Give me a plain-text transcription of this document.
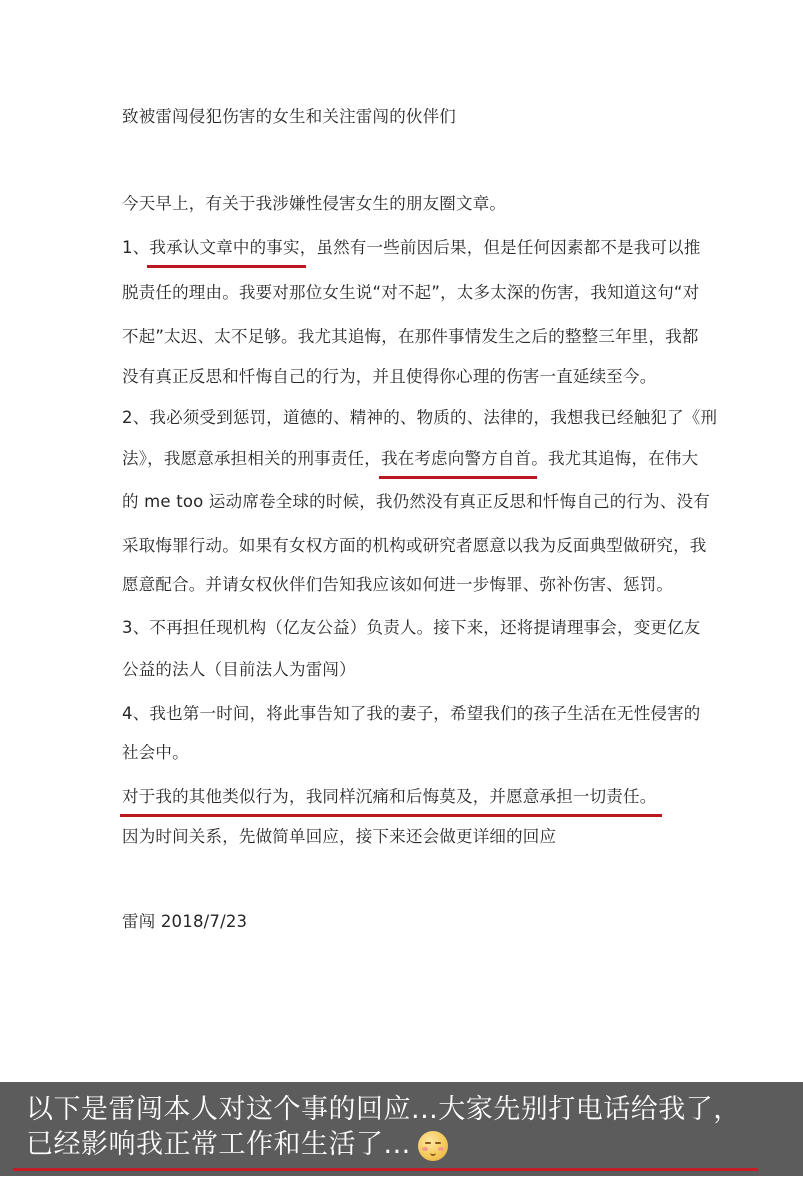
致被雷闯侵犯伤害的女生和关注雷闯的伙伴们
今天早上，有关于我涉嫌性侵害女生的朋友圈文章。
1、我承认文章中的事实，虽然有一些前因后果，但是任何因素都不是我可以推
脱责任的理由。我要对那位女生说“对不起”，太多太深的伤害，我知道这句“对
不起”太迟、太不足够。我尤其追悔，在那件事情发生之后的整整三年里，我都
没有真正反思和忏悔自己的行为，并且使得你心理的伤害一直延续至今。
2、我必须受到惩罚，道德的、精神的、物质的、法律的，我想我已经触犯了《刑
法》，我愿意承担相关的刑事责任，我在考虑向警方自首。我尤其追悔，在伟大
的 me too 运动席卷全球的时候，我仍然没有真正反思和忏悔自己的行为、没有
采取悔罪行动。如果有女权方面的机构或研究者愿意以我为反面典型做研究，我
愿意配合。并请女权伙伴们告知我应该如何进一步悔罪、弥补伤害、惩罚。
3、不再担任现机构（亿友公益）负责人。接下来，还将提请理事会，变更亿友
公益的法人（目前法人为雷闯）
4、我也第一时间，将此事告知了我的妻子，希望我们的孩子生活在无性侵害的
社会中。
对于我的其他类似行为，我同样沉痛和后悔莫及，并愿意承担一切责任。
因为时间关系，先做简单回应，接下来还会做更详细的回应
雷闯 2018/7/23
以下是雷闯本人对这个事的回应...大家先别打电话给我了，
已经影响我正常工作和生活了...
